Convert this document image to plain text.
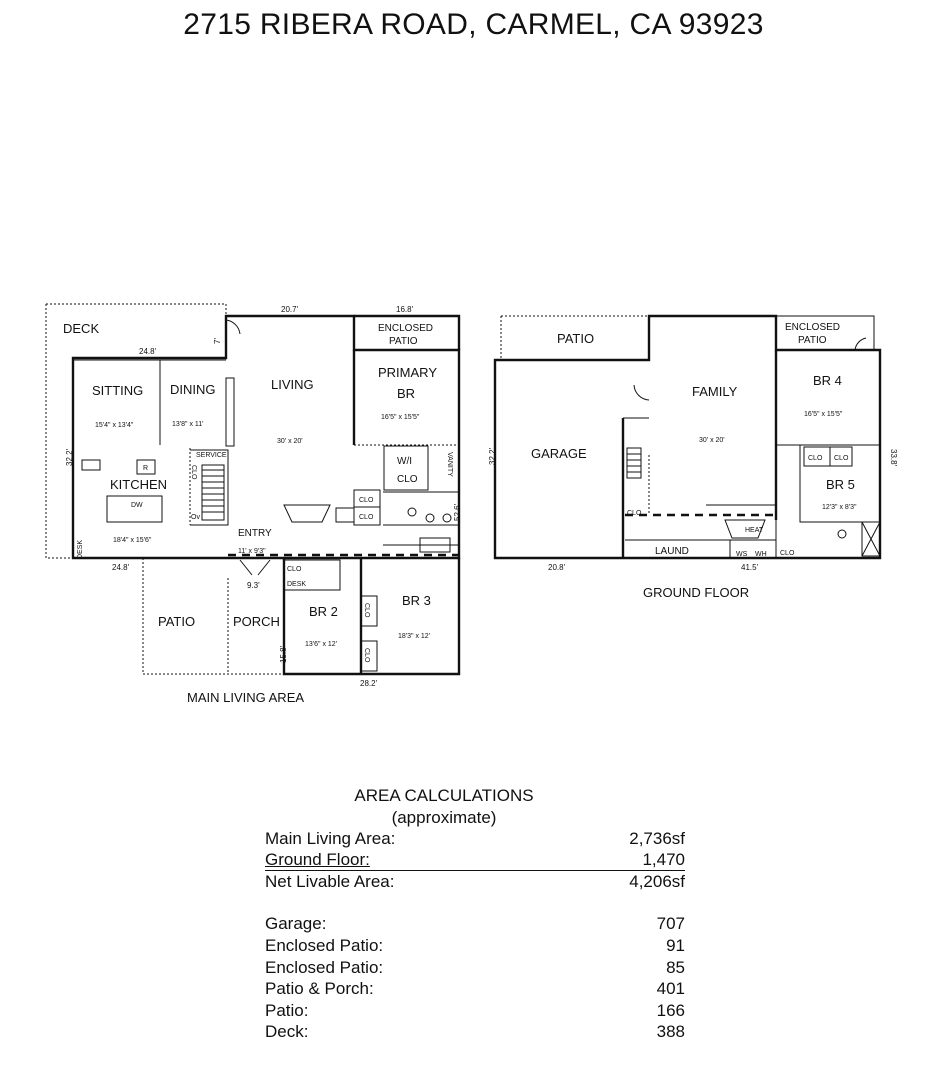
2715 RIBERA ROAD, CARMEL, CA 93923
DECK
SITTING
15'4" x 13'4"
DINING
13'8" x 11'
LIVING
30' x 20'
ENCLOSED
PATIO
PRIMARY
BR
16'5" x 15'5"
W/I
CLO
VANITY
CLO
CLO
KITCHEN
18'4" x 15'6"
R
DW
SERVICE
CLO
Ov
DESK
ENTRY
11' x 9'3"
PATIO	PORCH
CLO
DESK
BR 2
13'6" x 12'
BR 3
18'3" x 12'
CLO
CLO
20.7'	16.8'
24.8'
7'
32.2'
24.8'
9.3'
15.8'
28.2'
52.6'
MAIN LIVING AREA
PATIO
ENCLOSED
PATIO
GARAGE
FAMILY
30' x 20'
BR 4
16'5" x 15'5"
BR 5
12'3" x 8'3"
CLO CLO
CLO
LAUND
HEAT
WS WH CLO
32.2'
20.8'	41.5'
33.8'
GROUND FLOOR
AREA CALCULATIONS
(approximate)
Main Living Area:	2,736sf
Ground Floor:	1,470
Net Livable Area:	4,206sf
Garage:	707
Enclosed Patio:	91
Enclosed Patio:	85
Patio & Porch:	401
Patio:	166
Deck:	388
